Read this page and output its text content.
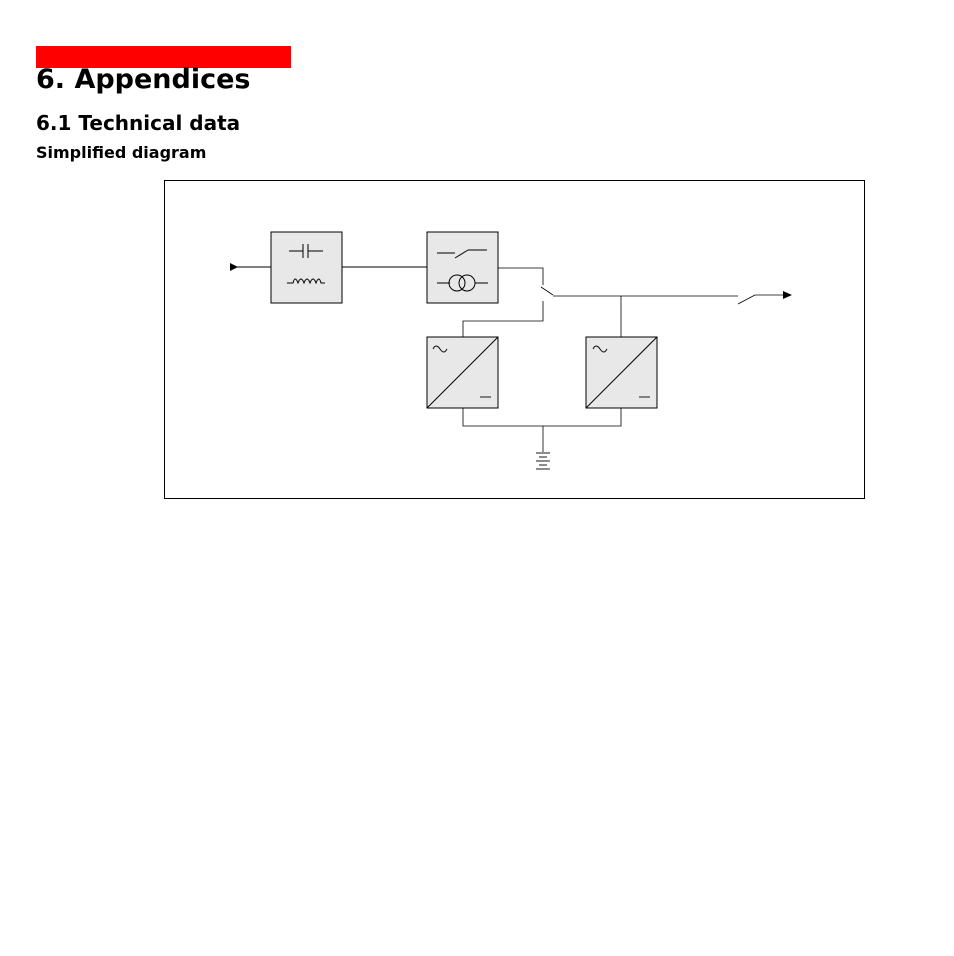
6. Appendices
6.1 Technical data
Simplified diagram
